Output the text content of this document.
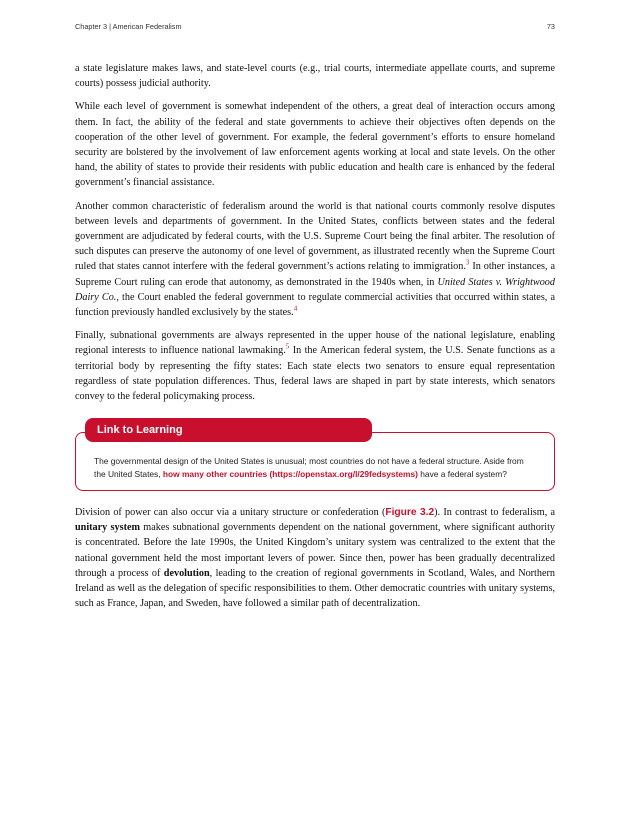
Chapter 3 | American Federalism	73

a state legislature makes laws, and state-level courts (e.g., trial courts, intermediate appellate courts, and supreme courts) possess judicial authority.

While each level of government is somewhat independent of the others, a great deal of interaction occurs among them. In fact, the ability of the federal and state governments to achieve their objectives often depends on the cooperation of the other level of government. For example, the federal government’s efforts to ensure homeland security are bolstered by the involvement of law enforcement agents working at local and state levels. On the other hand, the ability of states to provide their residents with public education and health care is enhanced by the federal government’s financial assistance.

Another common characteristic of federalism around the world is that national courts commonly resolve disputes between levels and departments of government. In the United States, conflicts between states and the federal government are adjudicated by federal courts, with the U.S. Supreme Court being the final arbiter. The resolution of such disputes can preserve the autonomy of one level of government, as illustrated recently when the Supreme Court ruled that states cannot interfere with the federal government’s actions relating to immigration.$^3$ In other instances, a Supreme Court ruling can erode that autonomy, as demonstrated in the 1940s when, in United States v. Wrightwood Dairy Co., the Court enabled the federal government to regulate commercial activities that occurred within states, a function previously handled exclusively by the states.$^4$

Finally, subnational governments are always represented in the upper house of the national legislature, enabling regional interests to influence national lawmaking.$^5$ In the American federal system, the U.S. Senate functions as a territorial body by representing the fifty states: Each state elects two senators to ensure equal representation regardless of state population differences. Thus, federal laws are shaped in part by state interests, which senators convey to the federal policymaking process.

Link to Learning
The governmental design of the United States is unusual; most countries do not have a federal structure. Aside from the United States, how many other countries (https://openstax.org/l/29fedsystems) have a federal system?

Division of power can also occur via a unitary structure or confederation (Figure 3.2). In contrast to federalism, a unitary system makes subnational governments dependent on the national government, where significant authority is concentrated. Before the late 1990s, the United Kingdom’s unitary system was centralized to the extent that the national government held the most important levers of power. Since then, power has been gradually decentralized through a process of devolution, leading to the creation of regional governments in Scotland, Wales, and Northern Ireland as well as the delegation of specific responsibilities to them. Other democratic countries with unitary systems, such as France, Japan, and Sweden, have followed a similar path of decentralization.
